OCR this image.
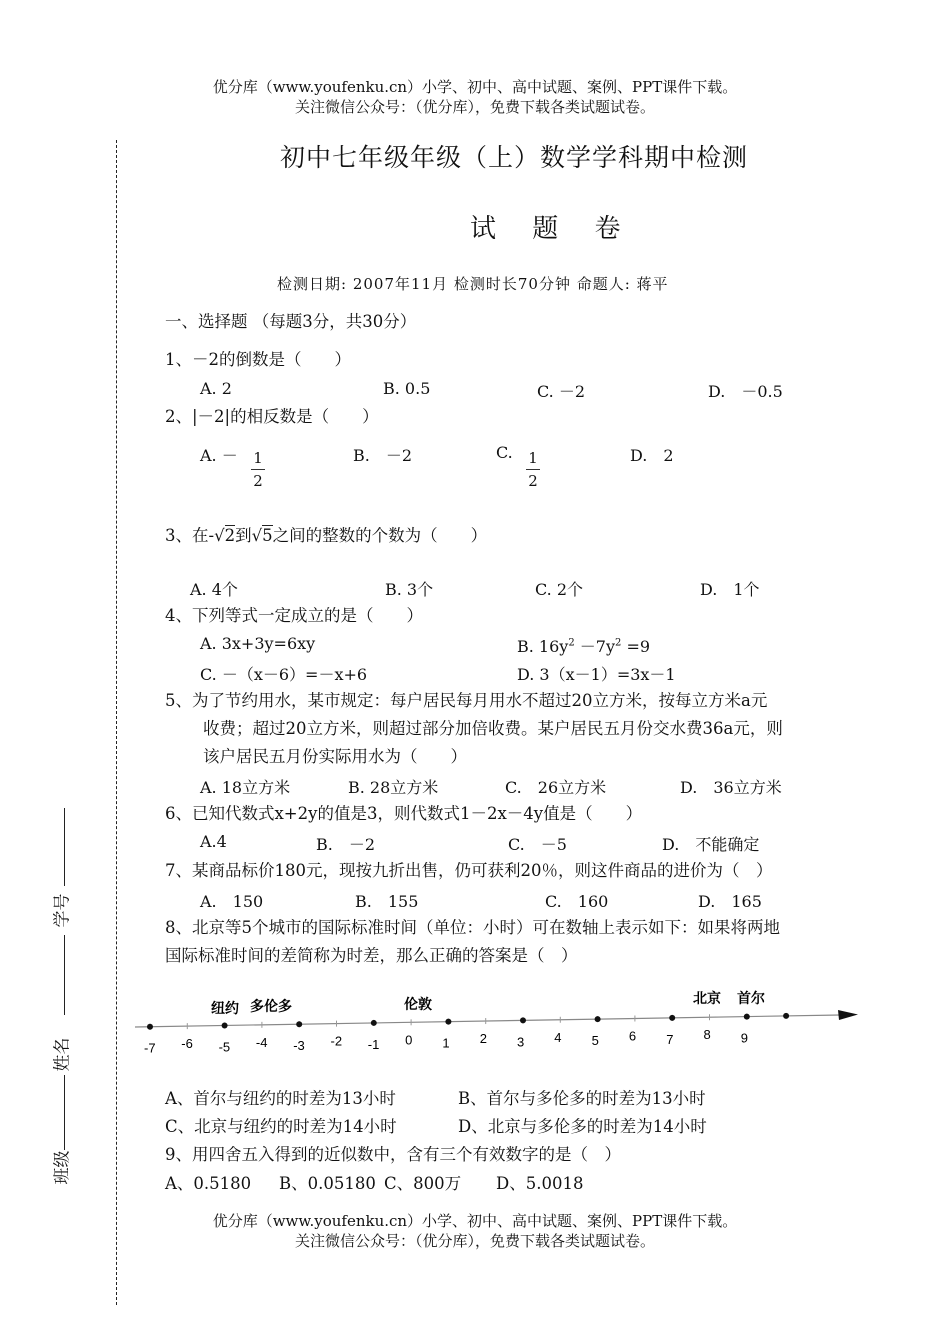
优分库（www.youfenku.cn）小学、初中、高中试题、案例、PPT课件下载。
关注微信公众号：（优分库），免费下载各类试题试卷。
学号
姓名
班级
初中七年级年级（上）数学学科期中检测
试 题 卷
检测日期: 2007年11月 检测时长70分钟 命题人: 蒋平
一、选择题 （每题3分，共30分）
1、－2的倒数是（　　）
A. 2	B. 0.5	C. －2	D.　－0.5
2、|－2|的相反数是（　　）
A. － 1
2
B.　－2	C. 1
2
D.　2
3、在-√2到√5之间的整数的个数为（　　）
A. 4个	B. 3个	C. 2个	D.　1个
4、下列等式一定成立的是（　　）
A. 3x+3y=6xy	B. $16y^2 -7y^2 =9$
C. －（x－6）=－x+6	D. 3（x－1）=3x－1
5、为了节约用水，某市规定：每户居民每月用水不超过20立方米，按每立方米a元
收费；超过20立方米，则超过部分加倍收费。某户居民五月份交水费36a元，则
该户居民五月份实际用水为（　　）
A. 18立方米	B. 28立方米	C.　26立方米	D.　36立方米
6、已知代数式x+2y的值是3，则代数式1－2x－4y值是（　　）
A.4	B.　－2	C.　－5	D.　不能确定
7、某商品标价180元，现按九折出售，仍可获利20％，则这件商品的进价为（　）
A.　150	B.　155	C.　160	D.　165
8、北京等5个城市的国际标准时间（单位：小时）可在数轴上表示如下：如果将两地
国际标准时间的差简称为时差，那么正确的答案是（　）
-7 -6 -5 -4 -3 -2 -1 0 1 2 3 4 5 6 7 8 9
纽约 多伦多	伦敦	北京 首尔
A、首尔与纽约的时差为13小时	B、首尔与多伦多的时差为13小时
C、北京与纽约的时差为14小时	D、北京与多伦多的时差为14小时
9、用四舍五入得到的近似数中，含有三个有效数字的是（　）
A、0.5180 B、0.05180 C、800万 D、5.0018
优分库（www.youfenku.cn）小学、初中、高中试题、案例、PPT课件下载。
关注微信公众号：（优分库），免费下载各类试题试卷。
